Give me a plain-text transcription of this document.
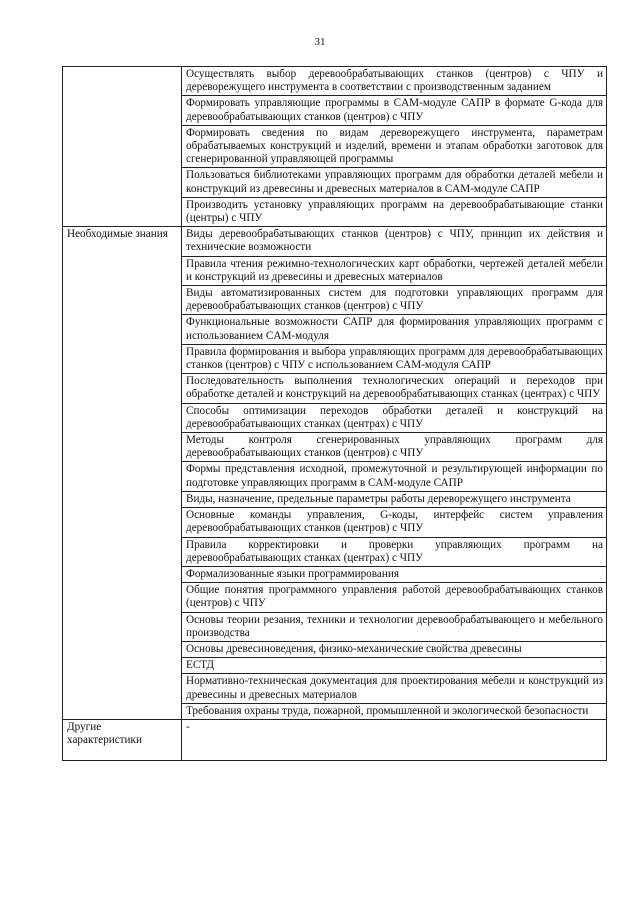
31
	Осуществлять выбор деревообрабатывающих станков (центров) с ЧПУ и дереворежущего инструмента в соответствии с производственным заданием
	Формировать управляющие программы в CAM-модуле САПР в формате G-кода для деревообрабатывающих станков (центров) с ЧПУ
	Формировать сведения по видам дереворежущего инструмента, параметрам обрабатываемых конструкций и изделий, времени и этапам обработки заготовок для сгенерированной управляющей программы
	Пользоваться библиотеками управляющих программ для обработки деталей мебели и конструкций из древесины и древесных материалов в CAM-модуле САПР
	Производить установку управляющих программ на деревообрабатывающие станки (центры) с ЧПУ
Необходимые знания	Виды деревообрабатывающих станков (центров) с ЧПУ, принцип их действия и технические возможности
	Правила чтения режимно-технологических карт обработки, чертежей деталей мебели и конструкций из древесины и древесных материалов
	Виды автоматизированных систем для подготовки управляющих программ для деревообрабатывающих станков (центров) с ЧПУ
	Функциональные возможности САПР для формирования управляющих программ с использованием CAM-модуля
	Правила формирования и выбора управляющих программ для деревообрабатывающих станков (центров) с ЧПУ с использованием CAM-модуля САПР
	Последовательность выполнения технологических операций и переходов при обработке деталей и конструкций на деревообрабатывающих станках (центрах) с ЧПУ
	Способы оптимизации переходов обработки деталей и конструкций на деревообрабатывающих станках (центрах) с ЧПУ
	Методы контроля сгенерированных управляющих программ для деревообрабатывающих станков (центров) с ЧПУ
	Формы представления исходной, промежуточной и результирующей информации по подготовке управляющих программ в CAM-модуле САПР
	Виды, назначение, предельные параметры работы дереворежущего инструмента
	Основные команды управления, G-коды, интерфейс систем управления деревообрабатывающих станков (центров) с ЧПУ
	Правила корректировки и проверки управляющих программ на деревообрабатывающих станках (центрах) с ЧПУ
	Формализованные языки программирования
	Общие понятия программного управления работой деревообрабатывающих станков (центров) с ЧПУ
	Основы теории резания, техники и технологии деревообрабатывающего и мебельного производства
	Основы древесиноведения, физико-механические свойства древесины
	ЕСТД
	Нормативно-техническая документация для проектирования мебели и конструкций из древесины и древесных материалов
	Требования охраны труда, пожарной, промышленной и экологической безопасности
Другие характеристики	-
